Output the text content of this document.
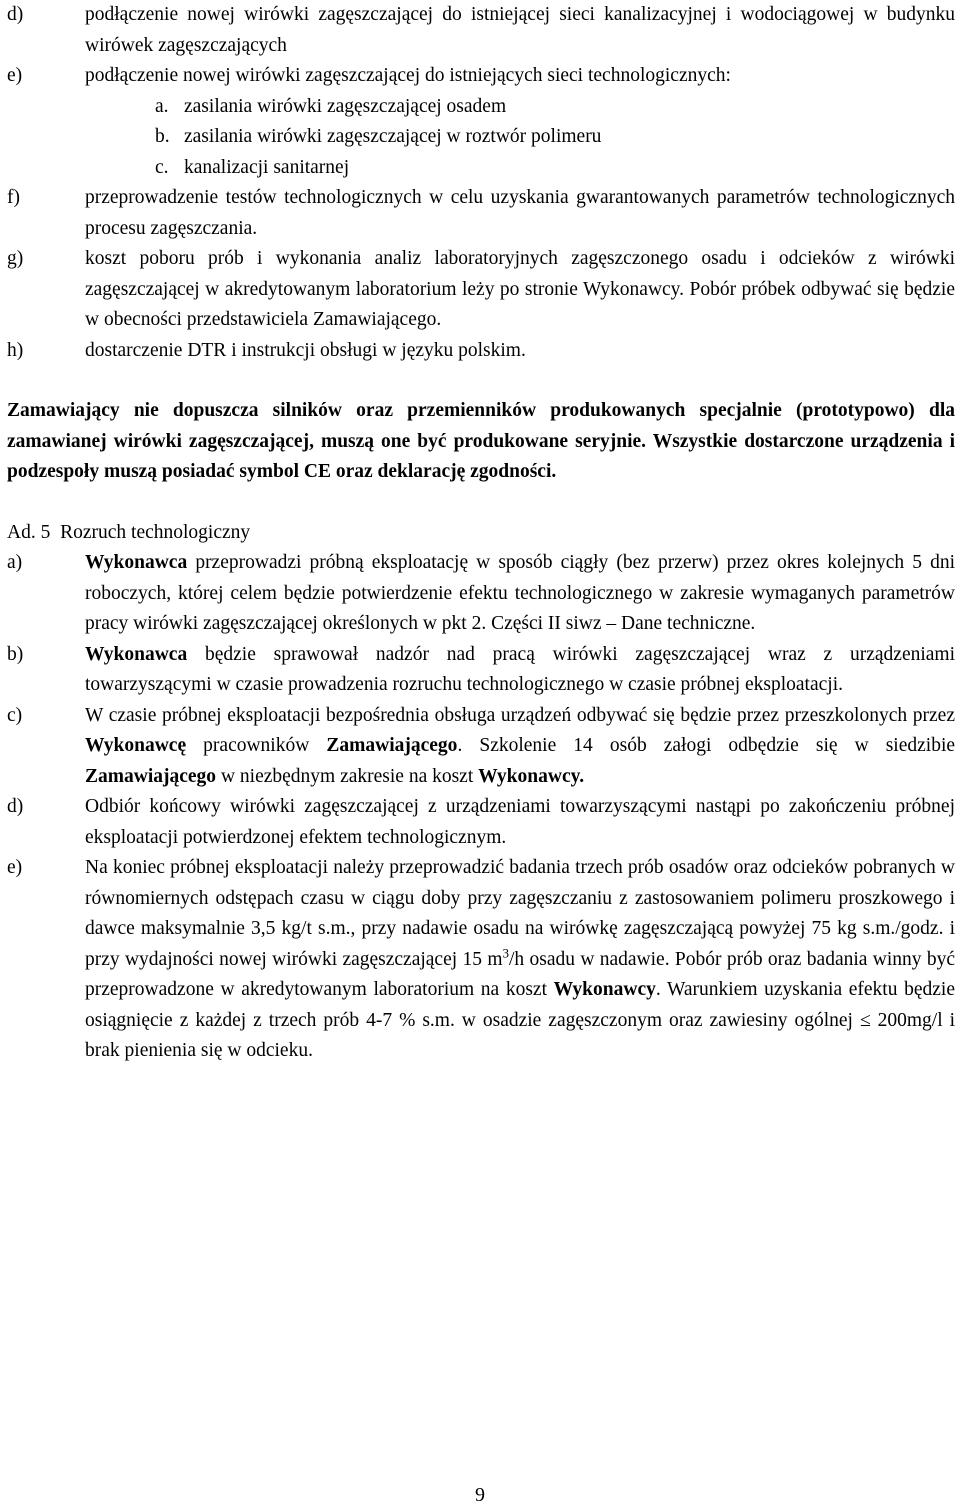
d)	podłączenie nowej wirówki zagęszczającej do istniejącej sieci kanalizacyjnej i wodociągowej w budynku wirówek zagęszczających
e)	podłączenie nowej wirówki zagęszczającej do istniejących sieci technologicznych:
a. zasilania wirówki zagęszczającej osadem
b. zasilania wirówki zagęszczającej w roztwór polimeru
c. kanalizacji sanitarnej
f)	przeprowadzenie testów technologicznych w celu uzyskania gwarantowanych parametrów technologicznych procesu zagęszczania.
g)	koszt poboru prób i wykonania analiz laboratoryjnych zagęszczonego osadu i odcieków z wirówki zagęszczającej w akredytowanym laboratorium leży po stronie Wykonawcy. Pobór próbek odbywać się będzie w obecności przedstawiciela Zamawiającego.
h)	dostarczenie DTR i instrukcji obsługi w języku polskim.
Zamawiający nie dopuszcza silników oraz przemienników produkowanych specjalnie (prototypowo) dla zamawianej wirówki zagęszczającej, muszą one być produkowane seryjnie. Wszystkie dostarczone urządzenia i podzespoły muszą posiadać symbol CE oraz deklarację zgodności.
Ad. 5 Rozruch technologiczny
a)	Wykonawca przeprowadzi próbną eksploatację w sposób ciągły (bez przerw) przez okres kolejnych 5 dni roboczych, której celem będzie potwierdzenie efektu technologicznego w zakresie wymaganych parametrów pracy wirówki zagęszczającej określonych w pkt 2. Części II siwz – Dane techniczne.
b)	Wykonawca będzie sprawował nadzór nad pracą wirówki zagęszczającej wraz z urządzeniami towarzyszącymi w czasie prowadzenia rozruchu technologicznego w czasie próbnej eksploatacji.
c)	W czasie próbnej eksploatacji bezpośrednia obsługa urządzeń odbywać się będzie przez przeszkolonych przez Wykonawcę pracowników Zamawiającego. Szkolenie 14 osób załogi odbędzie się w siedzibie Zamawiającego w niezbędnym zakresie na koszt Wykonawcy.
d)	Odbiór końcowy wirówki zagęszczającej z urządzeniami towarzyszącymi nastąpi po zakończeniu próbnej eksploatacji potwierdzonej efektem technologicznym.
e)	Na koniec próbnej eksploatacji należy przeprowadzić badania trzech prób osadów oraz odcieków pobranych w równomiernych odstępach czasu w ciągu doby przy zagęszczaniu z zastosowaniem polimeru proszkowego i dawce maksymalnie 3,5 kg/t s.m., przy nadawie osadu na wirówkę zagęszczającą powyżej 75 kg s.m./godz. i przy wydajności nowej wirówki zagęszczającej 15 $m^3/h$ osadu w nadawie. Pobór prób oraz badania winny być przeprowadzone w akredytowanym laboratorium na koszt Wykonawcy. Warunkiem uzyskania efektu będzie osiągnięcie z każdej z trzech prób 4-7 % s.m. w osadzie zagęszczonym oraz zawiesiny ogólnej ≤ 200mg/l i brak pienienia się w odcieku.
9
